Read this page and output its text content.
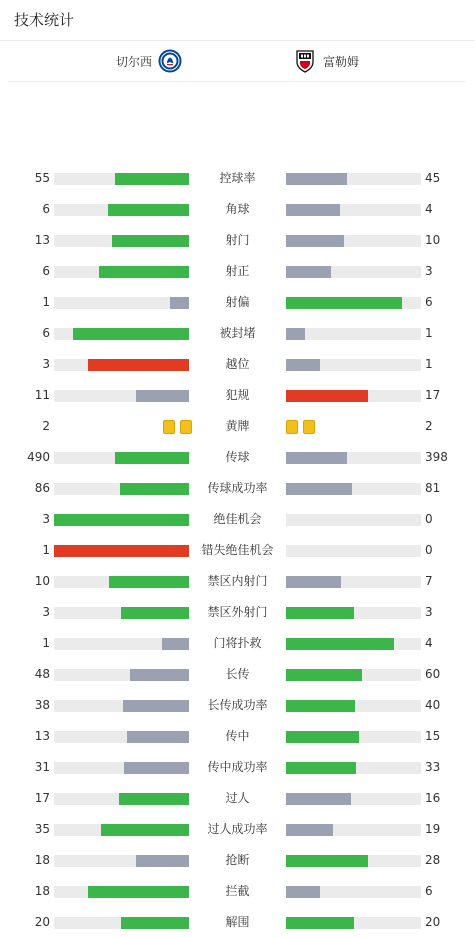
技术统计
切尔西	富勒姆
55	控球率	45
6	角球	4
13	射门	10
6	射正	3
1	射偏	6
6	被封堵	1
3	越位	1
11	犯规	17
2	黄牌	2
490	传球	398
86	传球成功率	81
3	绝佳机会	0
1	错失绝佳机会	0
10	禁区内射门	7
3	禁区外射门	3
1	门将扑救	4
48	长传	60
38	长传成功率	40
13	传中	15
31	传中成功率	33
17	过人	16
35	过人成功率	19
18	抢断	28
18	拦截	6
20	解围	20
